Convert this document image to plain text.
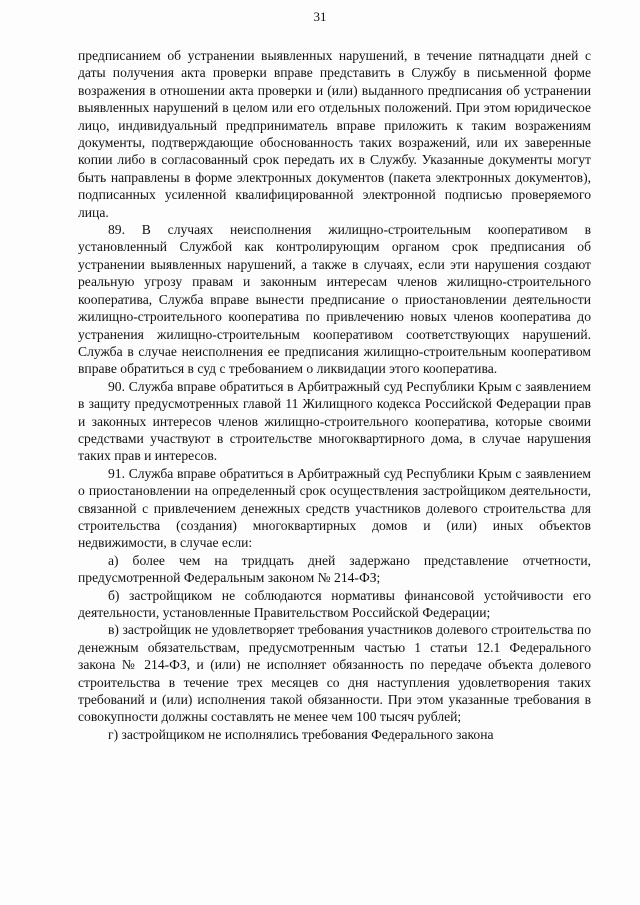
31

предписанием об устранении выявленных нарушений, в течение пятнадцати дней с даты получения акта проверки вправе представить в Службу в письменной форме возражения в отношении акта проверки и (или) выданного предписания об устранении выявленных нарушений в целом или его отдельных положений. При этом юридическое лицо, индивидуальный предприниматель вправе приложить к таким возражениям документы, подтверждающие обоснованность таких возражений, или их заверенные копии либо в согласованный срок передать их в Службу. Указанные документы могут быть направлены в форме электронных документов (пакета электронных документов), подписанных усиленной квалифицированной электронной подписью проверяемого лица.

89. В случаях неисполнения жилищно-строительным кооперативом в установленный Службой как контролирующим органом срок предписания об устранении выявленных нарушений, а также в случаях, если эти нарушения создают реальную угрозу правам и законным интересам членов жилищно-строительного кооператива, Служба вправе вынести предписание о приостановлении деятельности жилищно-строительного кооператива по привлечению новых членов кооператива до устранения жилищно-строительным кооперативом соответствующих нарушений. Служба в случае неисполнения ее предписания жилищно-строительным кооперативом вправе обратиться в суд с требованием о ликвидации этого кооператива.

90. Служба вправе обратиться в Арбитражный суд Республики Крым с заявлением в защиту предусмотренных главой 11 Жилищного кодекса Российской Федерации прав и законных интересов членов жилищно-строительного кооператива, которые своими средствами участвуют в строительстве многоквартирного дома, в случае нарушения таких прав и интересов.

91. Служба вправе обратиться в Арбитражный суд Республики Крым с заявлением о приостановлении на определенный срок осуществления застройщиком деятельности, связанной с привлечением денежных средств участников долевого строительства для строительства (создания) многоквартирных домов и (или) иных объектов недвижимости, в случае если:

а) более чем на тридцать дней задержано представление отчетности, предусмотренной Федеральным законом № 214-ФЗ;

б) застройщиком не соблюдаются нормативы финансовой устойчивости его деятельности, установленные Правительством Российской Федерации;

в) застройщик не удовлетворяет требования участников долевого строительства по денежным обязательствам, предусмотренным частью 1 статьи 12.1 Федерального закона № 214-ФЗ, и (или) не исполняет обязанность по передаче объекта долевого строительства в течение трех месяцев со дня наступления удовлетворения таких требований и (или) исполнения такой обязанности. При этом указанные требования в совокупности должны составлять не менее чем 100 тысяч рублей;

г) застройщиком не исполнялись требования Федерального закона
